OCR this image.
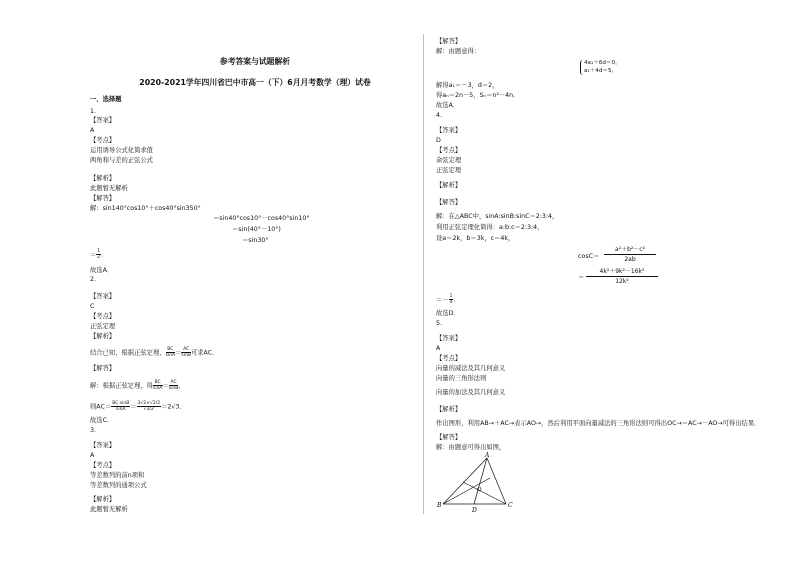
参考答案与试题解析
2020-2021学年四川省巴中市高一（下）6月月考数学（理）试卷
一、选择题
1.
【答案】
A
【考点】
运用诱导公式化简求值
两角和与差的正弦公式
【解析】
此题暂无解析
【解答】
解：sin140°cos10°＋cos40°sin350°
＝sin40°cos10°－cos40°sin10°
＝sin(40°－10°)
＝sin30°
＝ $\frac{1}{2}$ .
故选A．
2.
【答案】
C
【考点】
正弦定理
【解析】
结合已知，根据正弦定理， $\frac{BC}{\sin A} = \frac{AC}{\sin B}$ 可求AC．
【解答】
解：根据正弦定理，得 $\frac{BC}{\sin A} = \frac{AC}{\sin B}$ ，
则$AC= \frac{BC\cdot\sin B}{\sin A} = \frac{3√2\times√2/2}{√3/2} =2√3$．
故选C．
3.
【答案】
A
【考点】
等差数列的前n项和
等差数列的通项公式
【解析】
此题暂无解析
【解答】
解：由题意得：
4a₁＋6d＝0，
a₁＋4d＝5，
解得a₁＝－3，d＝2，
得aₙ＝2n－5，Sₙ＝n²－4n．
故选A．
4.
【答案】
D
【考点】
余弦定理
正弦定理
【解析】
【解答】
解：在△ABC中，sinA:sinB:sinC＝2:3:4，
利用正弦定理化简得：a:b:c＝2:3:4，
设a＝2k，b＝3k，c＝4k，
cosC＝
a²＋b²－c²
2ab
＝
4k²＋9k²－16k²
12k²
＝－ $\frac{1}{4}$ .
故选D．
5.
【答案】
A
【考点】
向量的减法及其几何意义
向量的三角形法则
向量的加法及其几何意义
【解析】
作出图形，利用AB→＋AC→表示AO→，然后利用平面向量减法的三角形法则可得出OC→＝AC→－AO→可得出结果．
【解答】
解：由题意可得出如图，
A
B
D
C
O
